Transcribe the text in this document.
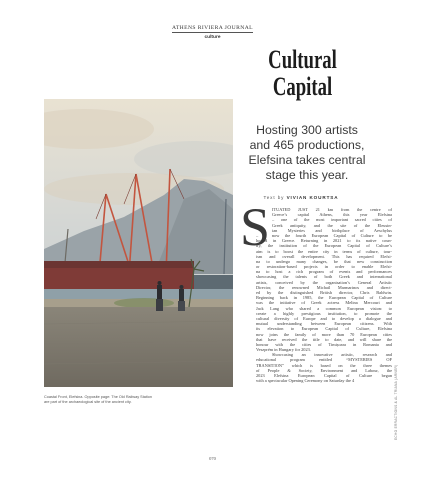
ATHENS RIVIERA JOURNAL
culture
Cultural
Capital
Hosting 300 artists
and 465 productions,
Elefsina takes central
stage this year.
Text by VIVIAN KOURTSA
Coastal Front, Elefsina. Opposite page: The Old Railway Station
are part of the archaeological site of the ancient city.
S ITUATED JUST 21 km from the centre of
Greece’s capital Athens, this year Elefsina
– one of the most important sacred cities of
Greek antiquity, and the site of the Eleusin-
ian Mysteries and birthplace of Aeschylus
– is now the fourth European Capital of Culture to be
hosted in Greece. Returning in 2021 to its native coun-
try, the institution of the European Capital of Culture’s
aim is to boost the entire city in terms of culture, tour-
ism and overall development. This has required Elefsi-
na to undergo many changes, be that new construction
or restoration-based projects in order to enable Elefsi-
na to host a rich program of events and performances
showcasing the talents of both Greek and international
artists, conceived by the organisation’s General Artistic
Director, the renowned Michail Marmarinos and direct-
ed by the distinguished British director, Chris Baldwin.
Beginning back in 1985, the European Capital of Culture
was the initiative of Greek actress Melina Mercouri and
Jack Lang who shared a common European vision: to
create a highly prestigious institution, to promote the
cultural diversity of Europe and to develop a dialogue and
mutual understanding between European citizens. With
its elevation to European Capital of Culture, Elefsina
now joins the family of more than 70 European cities
that have received the title to date, and will share the
honour with the cities of Timișoara in Romania and
Veszprém in Hungary for 2023.
Showcasing an innovative artistic, research and
educational program entitled “MYSTERIES OF
TRANSITION” which is based on the three themes
of People & Society, Environment and Labour, the
2023 Elefsina European Capital of Culture began
with a spectacular Opening Ceremony on Saturday the 4	ECHO ERRACTIONS & AL TRIANA (ARNER)
070
